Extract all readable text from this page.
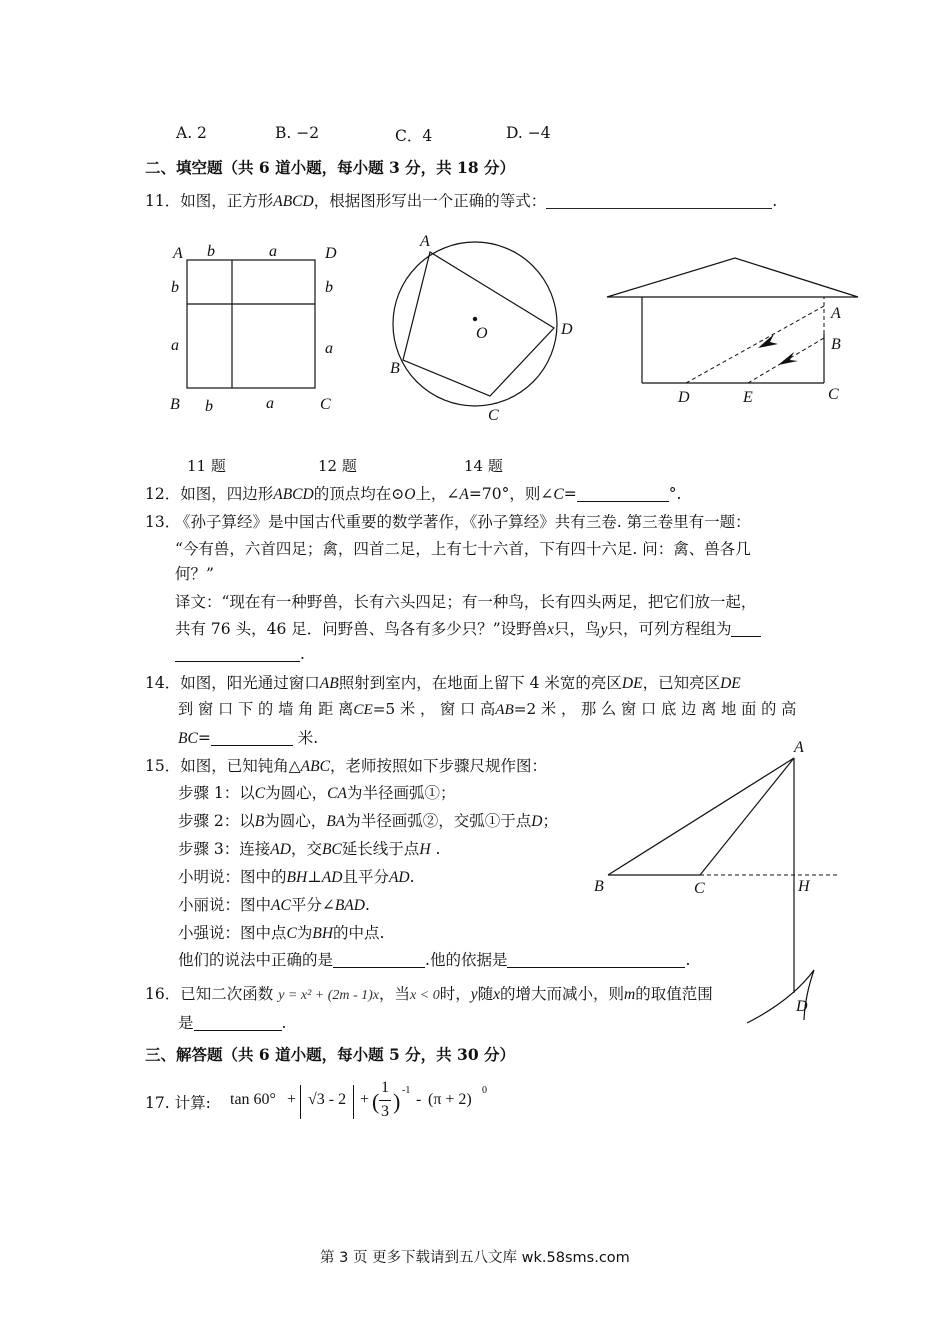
A. 2	B. −2	C．4	D. −4
二、填空题（共 6 道小题，每小题 3 分，共 18 分）
11．如图，正方形ABCD，根据图形写出一个正确的等式：	.
A	D
B	C
b	a
b
a
b
a
b	a
A
D
C
B
O
A
B
C
D	E
11 题	12 题	14 题
12．如图，四边形ABCD的顶点均在⊙O上，∠A=70°，则∠C=	°.
13．
《孙子算经》是中国古代重要的数学著作，《孙子算经》共有三卷. 第三卷里有一题：
“今有兽，六首四足；禽，四首二足，上有七十六首，下有四十六足. 问：禽、兽各几
何？”
译文：“现在有一种野兽，长有六头四足；有一种鸟，长有四头两足，把它们放一起，
共有 76 头，46 足．问野兽、鸟各有多少只？”设野兽x只，鸟y只，可列方程组为
.
14．如图，阳光通过窗口AB照射到室内，在地面上留下 4 米宽的亮区DE，已知亮区DE
到 窗 口 下 的 墙 角 距 离CE=5 米 ， 窗 口 高AB=2 米 ， 那 么 窗 口 底 边 离 地 面 的 高
BC=	米.
15．如图，已知钝角△ABC，老师按照如下步骤尺规作图：
步骤 1：以C为圆心，CA为半径画弧①；
步骤 2：以B为圆心，BA为半径画弧②，交弧①于点D；
步骤 3：连接AD，交BC延长线于点H .
小明说：图中的BH⊥AD且平分AD.
小丽说：图中AC平分∠BAD.
小强说：图中点C为BH的中点.
他们的说法中正确的是	.他的依据是	.
A
B	C	H
D
16．已知二次函数 y = x² + (2m - 1)x，当x < 0时，y随x的增大而减小，则m的取值范围
是	.
三、解答题（共 6 道小题，每小题 5 分，共 30 分）
17. 计算: tan 60° + √3 - 2 + (
1
3 ) -1
- (π + 2)
0
第 3 页 更多下载请到五八文库 wk.58sms.com
